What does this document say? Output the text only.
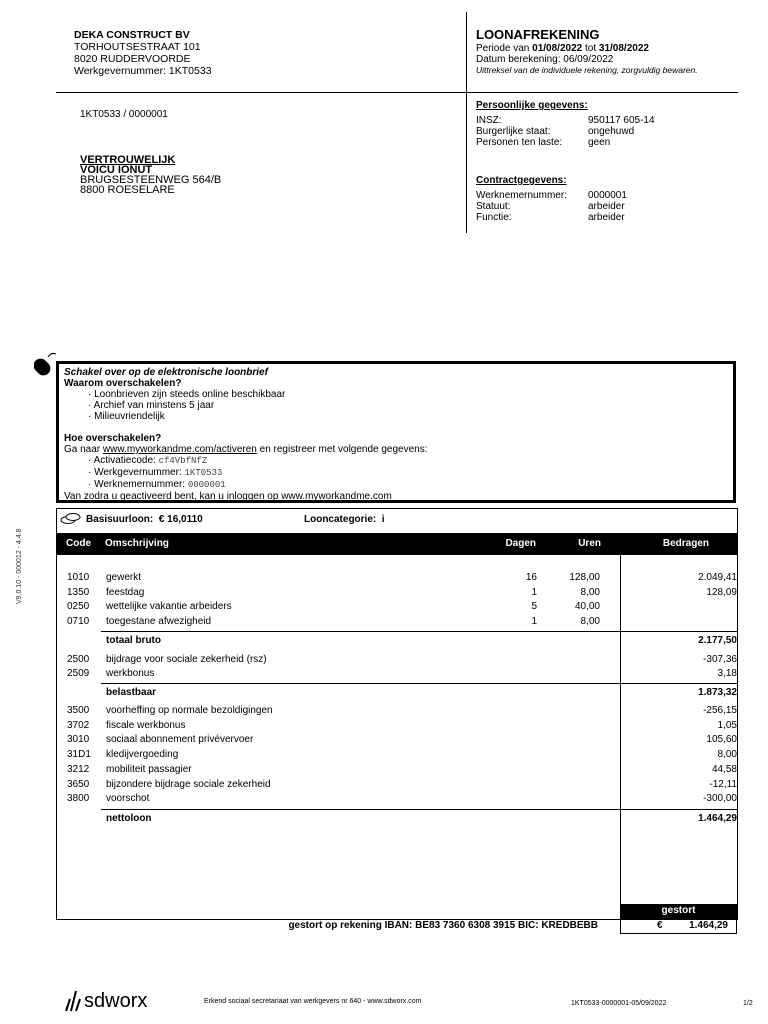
DEKA CONSTRUCT BV
TORHOUTSESTRAAT 101
8020 RUDDERVOORDE
Werkgevernummer: 1KT0533
LOONAFREKENING
Periode van 01/08/2022 tot 31/08/2022
Datum berekening: 06/09/2022
Uittreksel van de individuele rekening, zorgvuldig bewaren.
1KT0533 / 0000001
VERTROUWELIJK
VOICU IONUT
BRUGSESTEENWEG 564/B
8800 ROESELARE
Persoonlijke gegevens:
INSZ:	950117 605-14
Burgerlijke staat:	ongehuwd
Personen ten laste:	geen
Contractgegevens:
Werknemernummer:	0000001
Statuut:	arbeider
Functie:	arbeider
Schakel over op de elektronische loonbrief
Waarom overschakelen?
· Loonbrieven zijn steeds online beschikbaar
· Archief van minstens 5 jaar
· Milieuvriendelijk
Hoe overschakelen?
Ga naar www.myworkandme.com/activeren en registreer met volgende gegevens:
· Activatiecode: cf4VbfNfZ
· Werkgevernummer: 1KT0533
· Werknemernummer: 0000001
Van zodra u geactiveerd bent, kan u inloggen op www.myworkandme.com
V9.0.10 - 000012 - 4.4.8
Basisuurloon: € 16,0110	Looncategorie: i
Code Omschrijving	Dagen	Uren	Bedragen
1010 gewerkt	16	128,00	2.049,41
1350 feestdag	1	8,00	128,09
0250 wettelijke vakantie arbeiders	5	40,00
0710 toegestane afwezigheid	1	8,00
totaal bruto	2.177,50
2500 bijdrage voor sociale zekerheid (rsz)	-307,36
2509 werkbonus	3,18
belastbaar	1.873,32
3500 voorheffing op normale bezoldigingen	-256,15
3702 fiscale werkbonus	1,05
3010 sociaal abonnement privévervoer	105,60
31D1 kledijvergoeding	8,00
3212 mobiliteit passagier	44,58
3650 bijzondere bijdrage sociale zekerheid	-12,11
3800 voorschot	-300,00
nettoloon	1.464,29
gestort
€	1.464,29
gestort op rekening IBAN: BE83 7360 6308 3915 BIC: KREDBEBB
sdworx	Erkend sociaal secretariaat van werkgevers nr 640 - www.sdworx.com	1KT0533-0000001-05/09/2022	1/2
